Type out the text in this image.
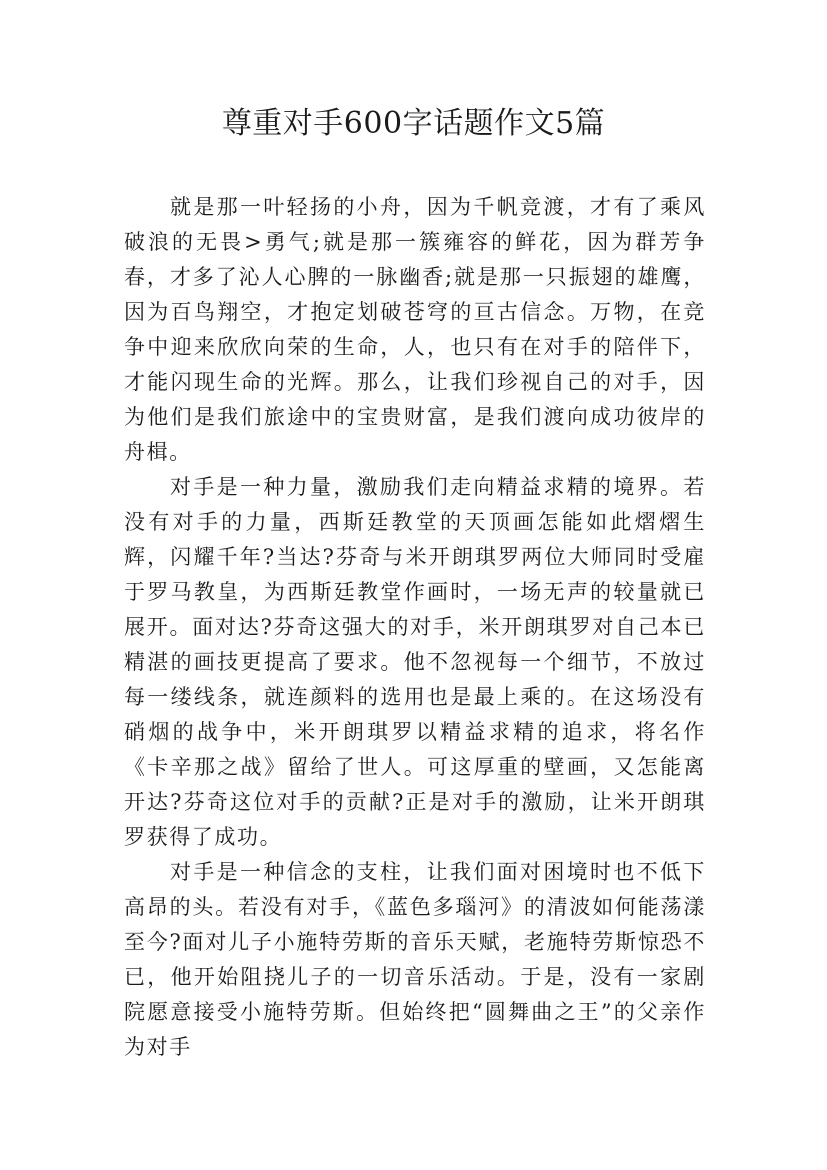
尊重对手600字话题作文5篇

就是那一叶轻扬的小舟，因为千帆竞渡，才有了乘风破浪的无畏>勇气;就是那一簇雍容的鲜花，因为群芳争春，才多了沁人心脾的一脉幽香;就是那一只振翅的雄鹰，因为百鸟翔空，才抱定划破苍穹的亘古信念。万物，在竞争中迎来欣欣向荣的生命，人，也只有在对手的陪伴下，才能闪现生命的光辉。那么，让我们珍视自己的对手，因为他们是我们旅途中的宝贵财富，是我们渡向成功彼岸的舟楫。

对手是一种力量，激励我们走向精益求精的境界。若没有对手的力量，西斯廷教堂的天顶画怎能如此熠熠生辉，闪耀千年?当达?芬奇与米开朗琪罗两位大师同时受雇于罗马教皇，为西斯廷教堂作画时，一场无声的较量就已展开。面对达?芬奇这强大的对手，米开朗琪罗对自己本已精湛的画技更提高了要求。他不忽视每一个细节，不放过每一缕线条，就连颜料的选用也是最上乘的。在这场没有硝烟的战争中，米开朗琪罗以精益求精的追求，将名作《卡辛那之战》留给了世人。可这厚重的壁画，又怎能离开达?芬奇这位对手的贡献?正是对手的激励，让米开朗琪罗获得了成功。

对手是一种信念的支柱，让我们面对困境时也不低下高昂的头。若没有对手，《蓝色多瑙河》的清波如何能荡漾至今?面对儿子小施特劳斯的音乐天赋，老施特劳斯惊恐不已，他开始阻挠儿子的一切音乐活动。于是，没有一家剧院愿意接受小施特劳斯。但始终把“圆舞曲之王”的父亲作为对手
